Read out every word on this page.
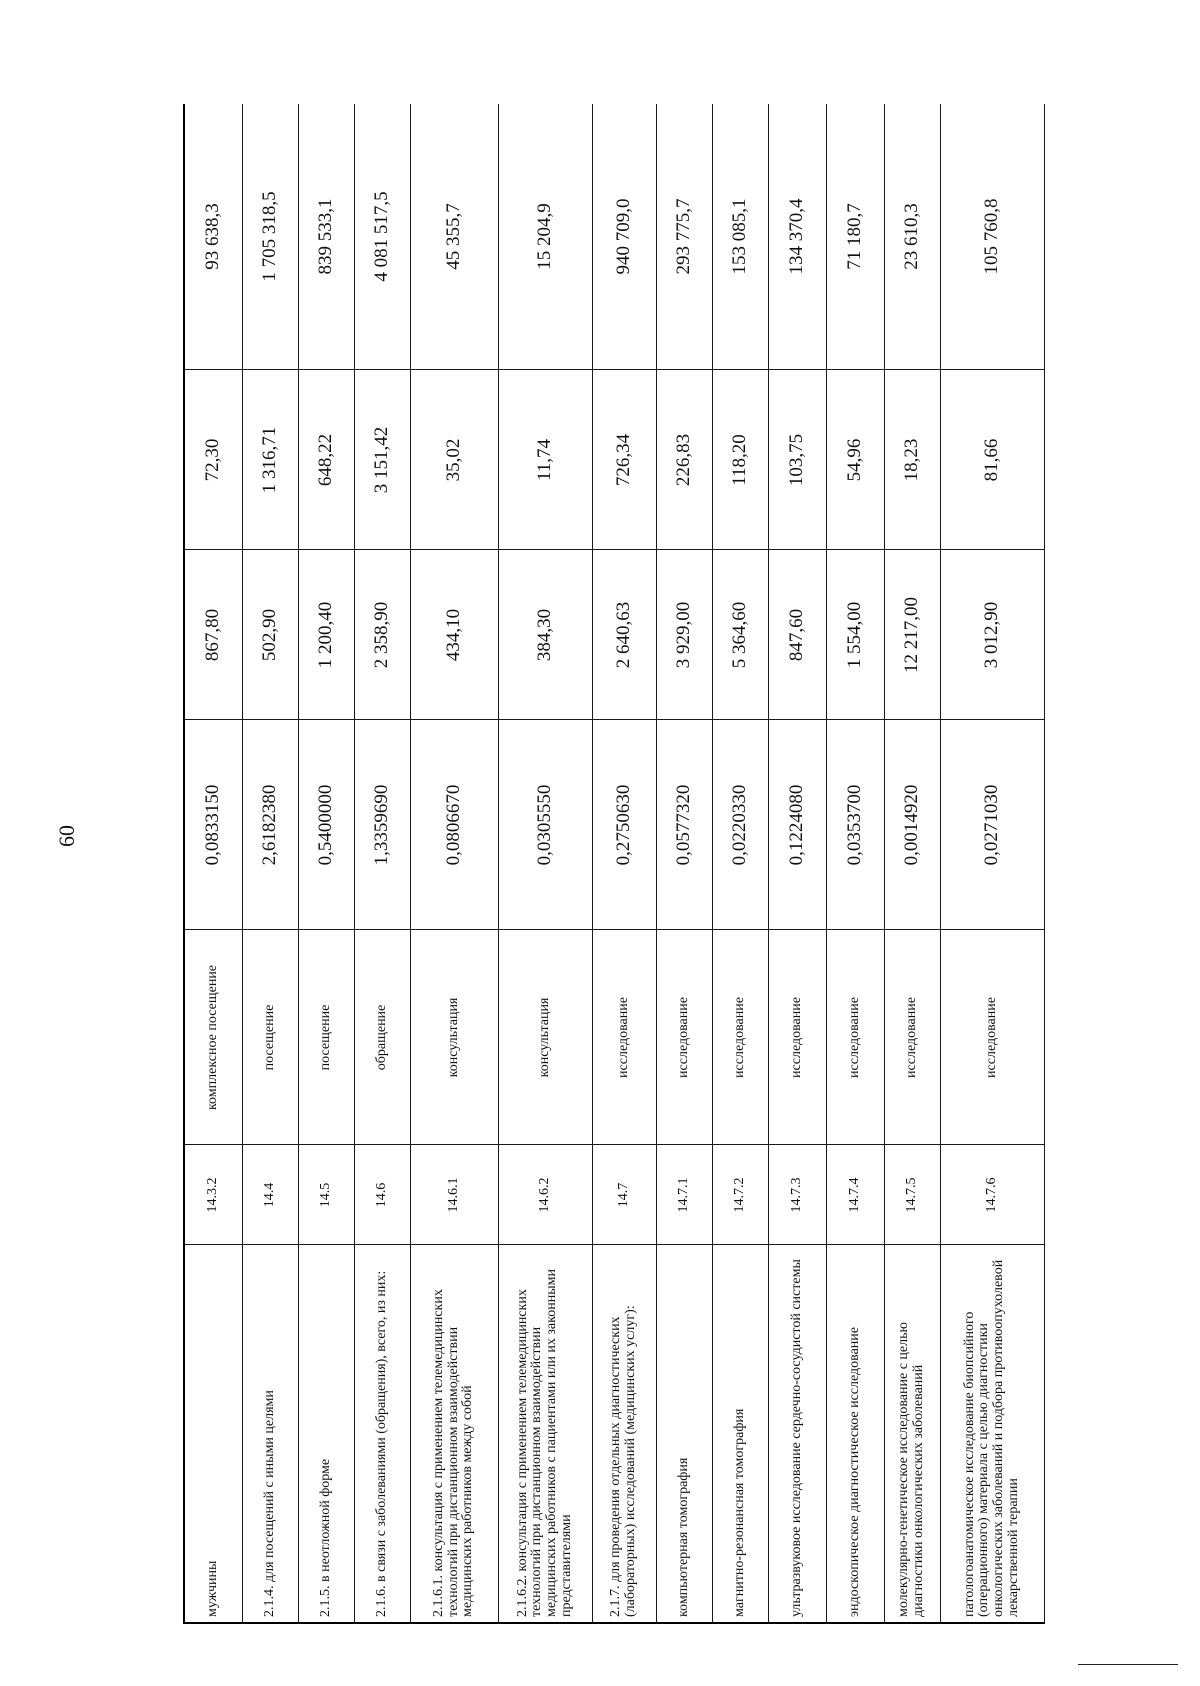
60
мужчины	14.3.2	комплексное посещение	0,0833150	867,80	72,30	93 638,3
2.1.4. для посещений с иными целями	14.4	посещение	2,6182380	502,90	1 316,71	1 705 318,5
2.1.5. в неотложной форме	14.5	посещение	0,5400000	1 200,40	648,22	839 533,1
2.1.6. в связи с заболеваниями (обращения), всего, из них:	14.6	обращение	1,3359690	2 358,90	3 151,42	4 081 517,5
2.1.6.1. консультация с применением телемедицинских технологий при дистанционном взаимодействии медицинских работников между собой	14.6.1	консультация	0,0806670	434,10	35,02	45 355,7
2.1.6.2. консультация с применением телемедицинских технологий при дистанционном взаимодействии медицинских работников с пациентами или их законными представителями	14.6.2	консультация	0,0305550	384,30	11,74	15 204,9
2.1.7. для проведения отдельных диагностических (лабораторных) исследований (медицинских услуг):	14.7	исследование	0,2750630	2 640,63	726,34	940 709,0
компьютерная томография	14.7.1	исследование	0,0577320	3 929,00	226,83	293 775,7
магнитно-резонансная томография	14.7.2	исследование	0,0220330	5 364,60	118,20	153 085,1
ультразвуковое исследование сердечно-сосудистой системы	14.7.3	исследование	0,1224080	847,60	103,75	134 370,4
эндоскопическое диагностическое исследование	14.7.4	исследование	0,0353700	1 554,00	54,96	71 180,7
молекулярно-генетическое исследование с целью диагностики онкологических заболеваний	14.7.5	исследование	0,0014920	12 217,00	18,23	23 610,3
патологоанатомическое исследование биопсийного (операционного) материала с целью диагностики онкологических заболеваний и подбора противоопухолевой лекарственной терапии	14.7.6	исследование	0,0271030	3 012,90	81,66	105 760,8
